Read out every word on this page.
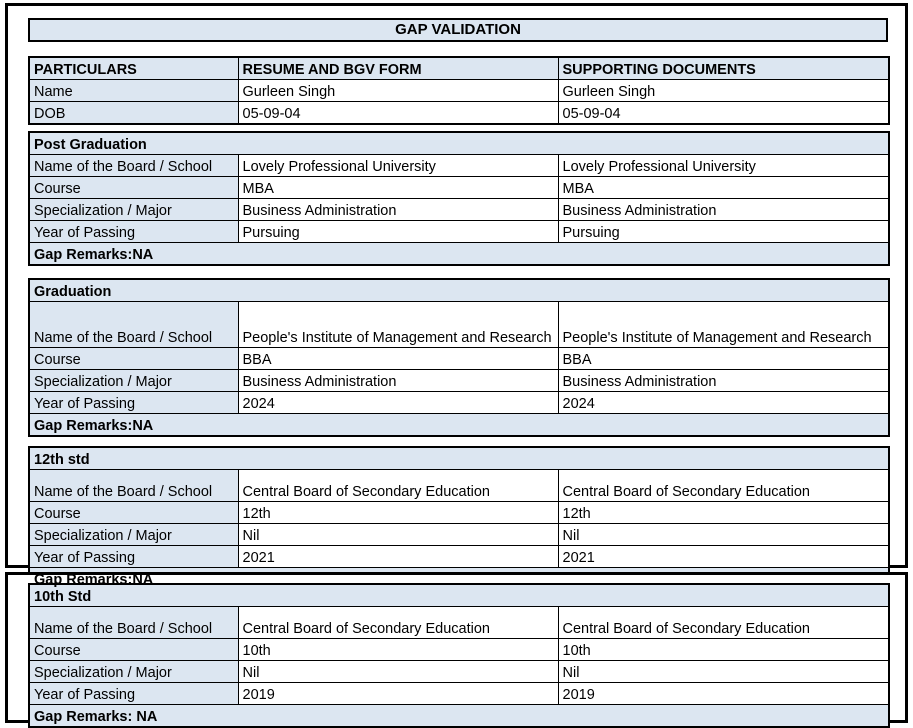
GAP VALIDATION
PARTICULARS	RESUME AND BGV FORM	SUPPORTING DOCUMENTS
Name	Gurleen Singh	Gurleen Singh
DOB	05-09-04	05-09-04
Post Graduation		
Name of the Board / School	Lovely Professional University	Lovely Professional University
Course	MBA	MBA
Specialization / Major	Business Administration	Business Administration
Year of Passing	Pursuing	Pursuing
Gap Remarks:NA		
Graduation		
Name of the Board / School	People's Institute of Management and Research	People's Institute of Management and Research
Course	BBA	BBA
Specialization / Major	Business Administration	Business Administration
Year of Passing	2024	2024
Gap Remarks:NA		
12th std		
Name of the Board / School	Central Board of Secondary Education	Central Board of Secondary Education
Course	12th	12th
Specialization / Major	Nil	Nil
Year of Passing	2021	2021
Gap Remarks:NA		
10th Std		
Name of the Board / School	Central Board of Secondary Education	Central Board of Secondary Education
Course	10th	10th
Specialization / Major	Nil	Nil
Year of Passing	2019	2019
Gap Remarks: NA		
